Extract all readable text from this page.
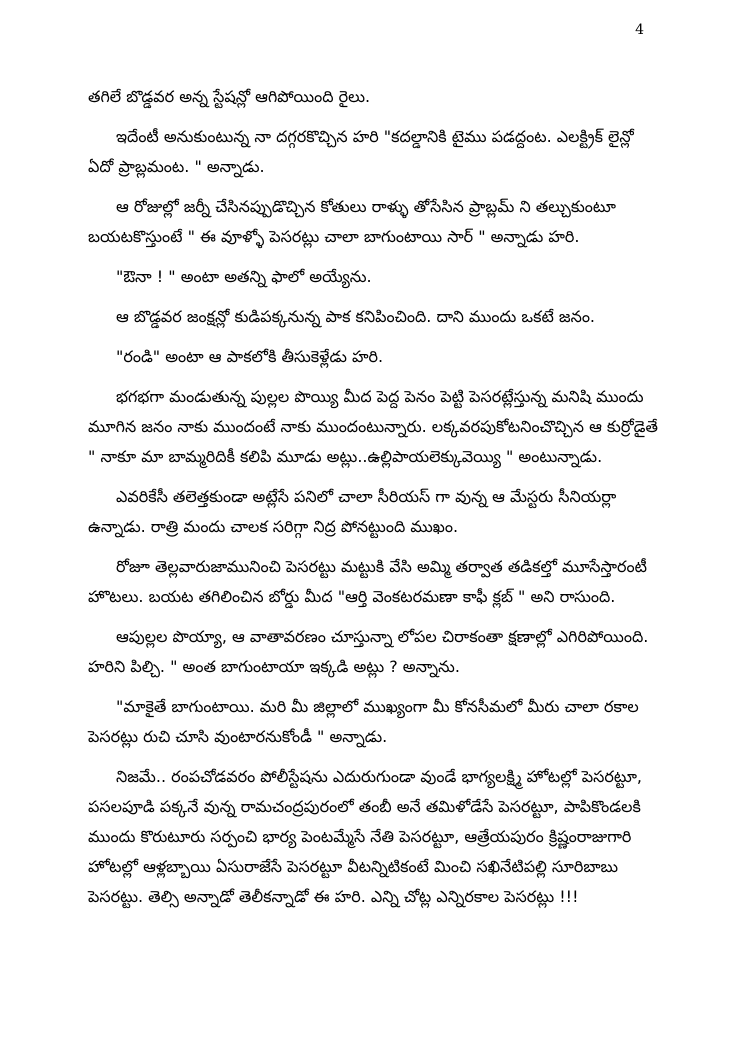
4

తగిలే బొడ్డవర అన్న స్టేషన్లో ఆగిపోయింది రైలు.

ఇదేంటీ అనుకుంటున్న నా దగ్గరకొచ్చిన హరి "కదల్డానికి టైము పడద్దంట. ఎలక్ట్రిక్ లైన్లో ఏదో ప్రాబ్లమంట. " అన్నాడు.

ఆ రోజుల్లో జర్నీ చేసినప్పుడొచ్చిన కోతులు రాళ్ళు తోసేసిన ప్రాబ్లమ్ ని తల్చుకుంటూ బయటకొస్తుంటే " ఈ వూళ్ళో పెసరట్లు చాలా బాగుంటాయి సార్ " అన్నాడు హరి.

"ఔనా ! " అంటా అతన్ని ఫాలో అయ్యేను.

ఆ బొడ్డవర జంక్షన్లో కుడిపక్కనున్న పాక కనిపించింది. దాని ముందు ఒకటే జనం.

"రండి" అంటా ఆ పాకలోకి తీసుకెళ్లేడు హరి.

భగభగా మండుతున్న పుల్లల పొయ్యి మీద పెద్ద పెనం పెట్టి పెసరట్లేస్తున్న మనిషి ముందు మూగిన జనం నాకు ముందంటే నాకు ముందంటున్నారు. లక్కవరపుకోటనించొచ్చిన ఆ కుర్రోడైతే " నాకూ మా బామ్మరిదికీ కలిపి మూడు అట్లు..ఉల్లిపాయలెక్కువెయ్యి " అంటున్నాడు.

ఎవరికేసీ తలెత్తకుండా అట్లేసే పనిలో చాలా సీరియస్ గా వున్న ఆ మేస్టరు సీనియర్లా ఉన్నాడు. రాత్రి మందు చాలక సరిగ్గా నిద్ర పోనట్టుంది ముఖం.

రోజూ తెల్లవారుజామునించి పెసరట్టు మట్టుకి వేసి అమ్మి తర్వాత తడికల్తో మూసేస్తారంటీ హొటలు. బయట తగిలించిన బోర్డు మీద "ఆర్తి వెంకటరమణా కాఫీ క్లబ్ " అని రాసుంది.

ఆపుల్లల పొయ్యా, ఆ వాతావరణం చూస్తున్నా లోపల చిరాకంతా క్షణాల్లో ఎగిరిపోయింది. హరిని పిల్చి. " అంత బాగుంటాయా ఇక్కడి అట్లు ? అన్నాను.

"మాకైతే బాగుంటాయి. మరి మీ జిల్లాలో ముఖ్యంగా మీ కోనసీమలో మీరు చాలా రకాల పెసరట్లు రుచి చూసి వుంటారనుకోండీ " అన్నాడు.

నిజమే.. రంపచోడవరం పోలీస్టేషను ఎదురుగుండా వుండే భాగ్యలక్ష్మి హోటల్లో పెసరట్టూ, పసలపూడి పక్కనే వున్న రామచంద్రపురంలో తంబీ అనే తమిళోడేసే పెసరట్టూ, పాపికొండలకి ముందు కొరుటూరు సర్పంచి భార్య పెంటమ్మేసే నేతి పెసరట్టూ, ఆత్రేయపురం క్రిష్ణంరాజుగారి హోటల్లో ఆళ్లబ్బాయి ఏసురాజేసే పెసరట్టూ వీటన్నిటికంటే మించి సఖినేటిపల్లి సూరిబాబు పెసరట్టు. తెల్సి అన్నాడో తెలీకన్నాడో ఈ హరి. ఎన్ని చోట్ల ఎన్నిరకాల పెసరట్లు !!!
